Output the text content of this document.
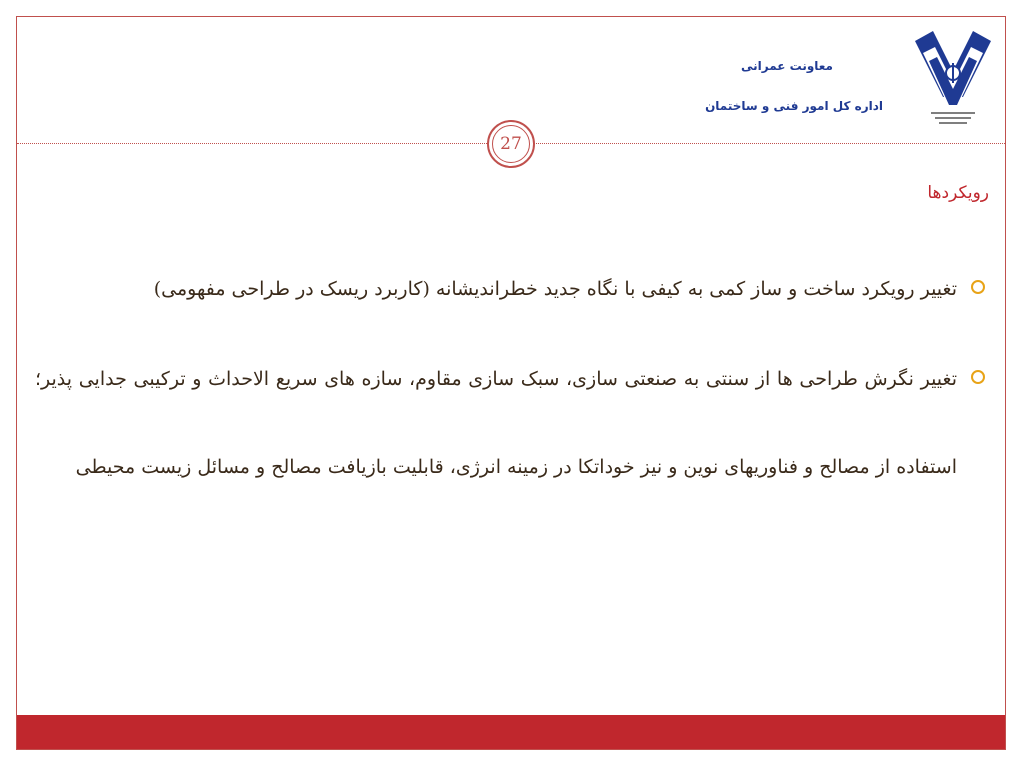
معاونت عمرانی
اداره کل امور فنی و ساختمان
27
رویکردها

تغییر رویکرد ساخت و ساز کمی به کیفی با نگاه جدید خطراندیشانه (کاربرد ریسک در طراحی مفهومی)

تغییر نگرش طراحی ها از سنتی به صنعتی سازی، سبک سازی مقاوم، سازه های سریع الاحداث و ترکیبی جدایی پذیر؛ استفاده از مصالح و فناوریهای نوین و نیز خوداتکا در زمینه انرژی، قابلیت بازیافت مصالح و مسائل زیست محیطی
